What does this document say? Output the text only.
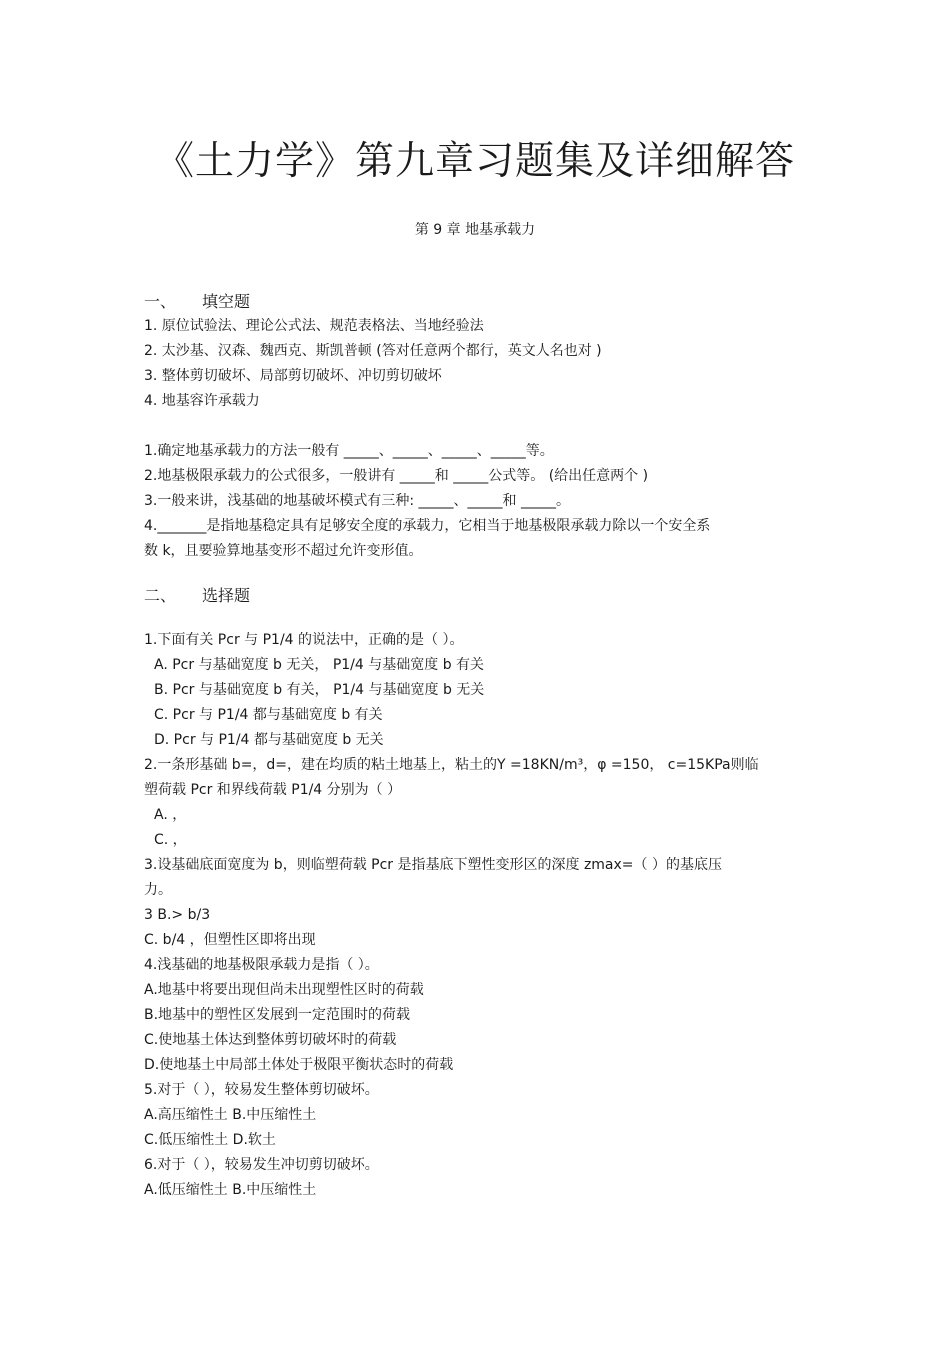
《土力学》第九章习题集及详细解答
第 9 章 地基承载力
一、 填空题
1. 原位试验法、理论公式法、规范表格法、当地经验法
2. 太沙基、汉森、魏西克、斯凯普顿 (答对任意两个都行，英文人名也对 )
3. 整体剪切破坏、局部剪切破坏、冲切剪切破坏
4. 地基容许承载力
1.确定地基承载力的方法一般有 _____、_____、_____、_____等。
2.地基极限承载力的公式很多，一般讲有 _____和 _____公式等。 (给出任意两个 )
3.一般来讲，浅基础的地基破坏模式有三种: _____、_____和 _____。
4._______是指地基稳定具有足够安全度的承载力，它相当于地基极限承载力除以一个安全系
数 k，且要验算地基变形不超过允许变形值。
二、 选择题
1.下面有关 Pcr 与 P1/4 的说法中，正确的是（ ）。
A. Pcr 与基础宽度 b 无关， P1/4 与基础宽度 b 有关
B. Pcr 与基础宽度 b 有关， P1/4 与基础宽度 b 无关
C. Pcr 与 P1/4 都与基础宽度 b 有关
D. Pcr 与 P1/4 都与基础宽度 b 无关
2.一条形基础 b=，d=，建在均质的粘土地基上，粘土的Y =18KN/m³，φ =150， c=15KPa则临
塑荷载 Pcr 和界线荷载 P1/4 分别为（ ）
A. ，
C. ，
3.设基础底面宽度为 b，则临塑荷载 Pcr 是指基底下塑性变形区的深度 zmax=（ ）的基底压
力。
3 B.> b/3
C. b/4 ，但塑性区即将出现
4.浅基础的地基极限承载力是指（ ）。
A.地基中将要出现但尚未出现塑性区时的荷载
B.地基中的塑性区发展到一定范围时的荷载
C.使地基土体达到整体剪切破坏时的荷载
D.使地基土中局部土体处于极限平衡状态时的荷载
5.对于（ ），较易发生整体剪切破坏。
A.高压缩性土 B.中压缩性土
C.低压缩性土 D.软土
6.对于（ ），较易发生冲切剪切破坏。
A.低压缩性土 B.中压缩性土
